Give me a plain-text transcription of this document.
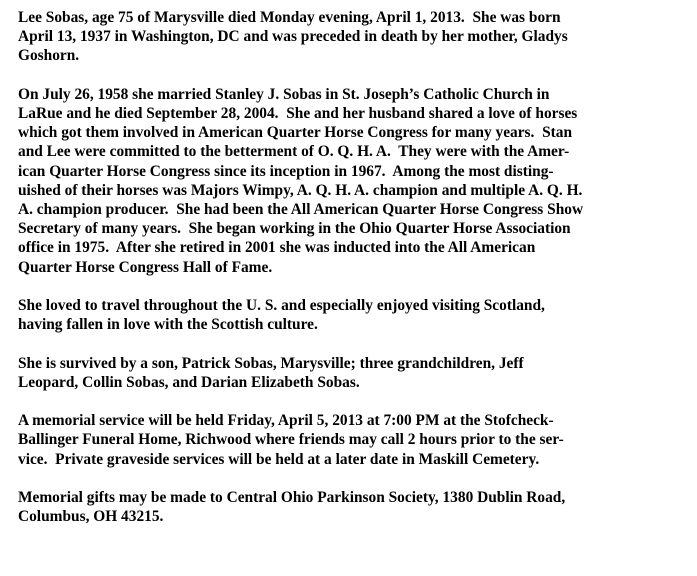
Lee Sobas, age 75 of Marysville died Monday evening, April 1, 2013.  She was born
April 13, 1937 in Washington, DC and was preceded in death by her mother, Gladys
Goshorn.

On July 26, 1958 she married Stanley J. Sobas in St. Joseph’s Catholic Church in
LaRue and he died September 28, 2004.  She and her husband shared a love of horses
which got them involved in American Quarter Horse Congress for many years.  Stan
and Lee were committed to the betterment of O. Q. H. A.  They were with the Amer-
ican Quarter Horse Congress since its inception in 1967.  Among the most disting-
uished of their horses was Majors Wimpy, A. Q. H. A. champion and multiple A. Q. H.
A. champion producer.  She had been the All American Quarter Horse Congress Show
Secretary of many years.  She began working in the Ohio Quarter Horse Association
office in 1975.  After she retired in 2001 she was inducted into the All American
Quarter Horse Congress Hall of Fame.

She loved to travel throughout the U. S. and especially enjoyed visiting Scotland,
having fallen in love with the Scottish culture.

She is survived by a son, Patrick Sobas, Marysville; three grandchildren, Jeff
Leopard, Collin Sobas, and Darian Elizabeth Sobas.

A memorial service will be held Friday, April 5, 2013 at 7:00 PM at the Stofcheck-
Ballinger Funeral Home, Richwood where friends may call 2 hours prior to the ser-
vice.  Private graveside services will be held at a later date in Maskill Cemetery.

Memorial gifts may be made to Central Ohio Parkinson Society, 1380 Dublin Road,
Columbus, OH 43215.
